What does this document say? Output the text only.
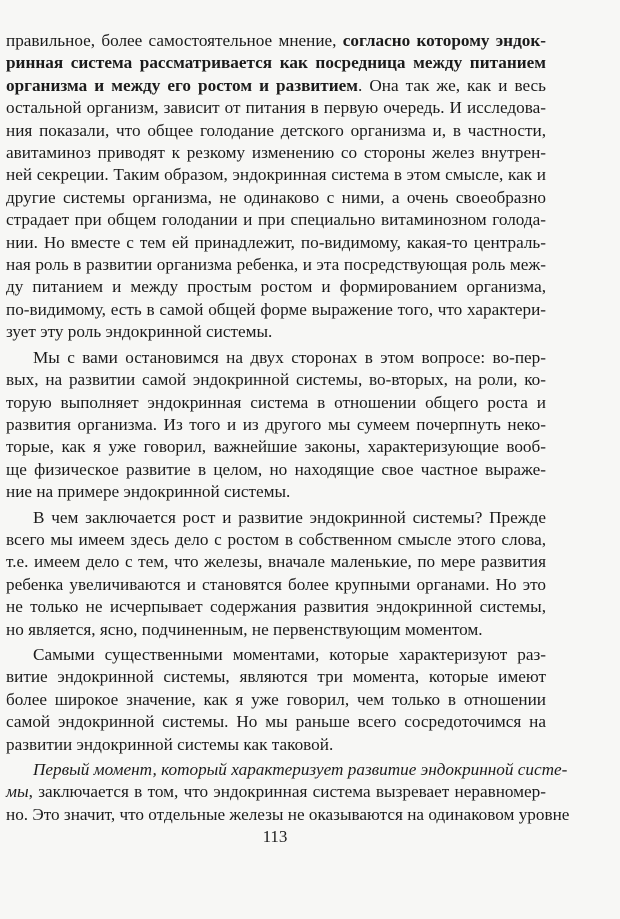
правильное, более самостоятельное мнение, согласно которому эндок-
ринная система рассматривается как посредница между питанием
организма и между его ростом и развитием. Она так же, как и весь
остальной организм, зависит от питания в первую очередь. И исследова-
ния показали, что общее голодание детского организма и, в частности,
авитаминоз приводят к резкому изменению со стороны желез внутрен-
ней секреции. Таким образом, эндокринная система в этом смысле, как и
другие системы организма, не одинаково с ними, а очень своеобразно
страдает при общем голодании и при специально витаминозном голода-
нии. Но вместе с тем ей принадлежит, по-видимому, какая-то централь-
ная роль в развитии организма ребенка, и эта посредствующая роль меж-
ду питанием и между простым ростом и формированием организма,
по-видимому, есть в самой общей форме выражение того, что характери-
зует эту роль эндокринной системы.
Мы с вами остановимся на двух сторонах в этом вопросе: во-пер-
вых, на развитии самой эндокринной системы, во-вторых, на роли, ко-
торую выполняет эндокринная система в отношении общего роста и
развития организма. Из того и из другого мы сумеем почерпнуть неко-
торые, как я уже говорил, важнейшие законы, характеризующие вооб-
ще физическое развитие в целом, но находящие свое частное выраже-
ние на примере эндокринной системы.
В чем заключается рост и развитие эндокринной системы? Прежде
всего мы имеем здесь дело с ростом в собственном смысле этого слова,
т.е. имеем дело с тем, что железы, вначале маленькие, по мере развития
ребенка увеличиваются и становятся более крупными органами. Но это
не только не исчерпывает содержания развития эндокринной системы,
но является, ясно, подчиненным, не первенствующим моментом.
Самыми существенными моментами, которые характеризуют раз-
витие эндокринной системы, являются три момента, которые имеют
более широкое значение, как я уже говорил, чем только в отношении
самой эндокринной системы. Но мы раньше всего сосредоточимся на
развитии эндокринной системы как таковой.
Первый момент, который характеризует развитие эндокринной систе-
мы, заключается в том, что эндокринная система вызревает неравномер-
но. Это значит, что отдельные железы не оказываются на одинаковом уровне
113
